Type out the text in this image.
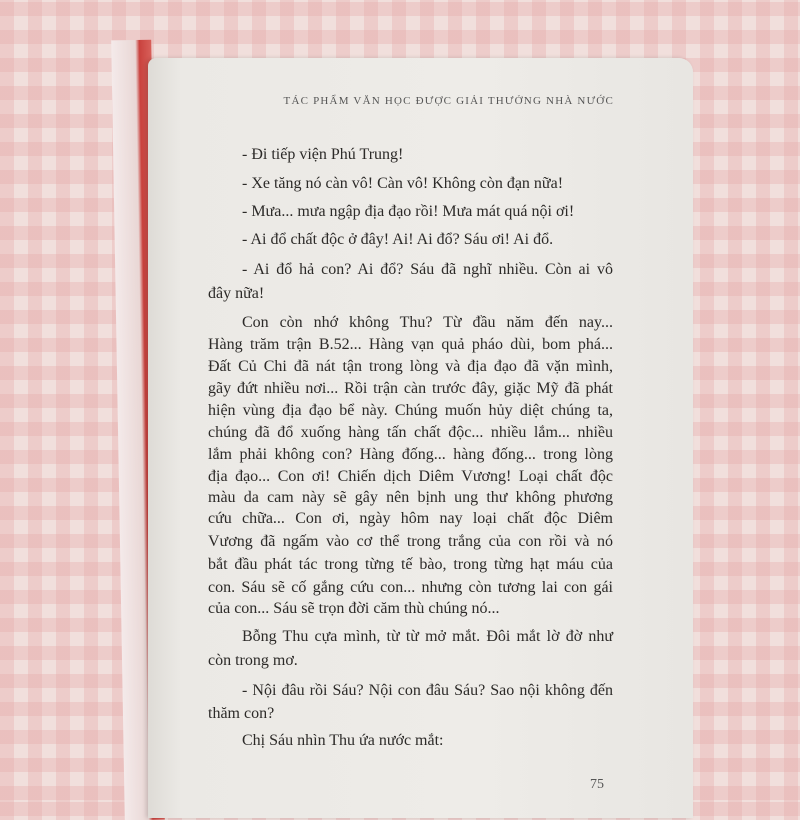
TÁC PHẨM VĂN HỌC ĐƯỢC GIẢI THƯỞNG NHÀ NƯỚC
- Đi tiếp viện Phú Trung!
- Xe tăng nó càn vô! Càn vô! Không còn đạn nữa!
- Mưa... mưa ngập địa đạo rồi! Mưa mát quá nội ơi!
- Ai đổ chất độc ở đây! Ai! Ai đổ? Sáu ơi! Ai đổ.
- Ai đổ hả con? Ai đổ? Sáu đã nghĩ nhiều. Còn ai vô
đây nữa!
Con còn nhớ không Thu? Từ đầu năm đến nay...
Hàng trăm trận B.52... Hàng vạn quả pháo dùi, bom phá...
Đất Củ Chi đã nát tận trong lòng và địa đạo đã vặn mình,
gãy đứt nhiều nơi... Rồi trận càn trước đây, giặc Mỹ đã phát
hiện vùng địa đạo bể này. Chúng muốn hủy diệt chúng ta,
chúng đã đổ xuống hàng tấn chất độc... nhiều lắm... nhiều
lắm phải không con? Hàng đống... hàng đống... trong lòng
địa đạo... Con ơi! Chiến dịch Diêm Vương! Loại chất độc
màu da cam này sẽ gây nên bịnh ung thư không phương
cứu chữa... Con ơi, ngày hôm nay loại chất độc Diêm
Vương đã ngấm vào cơ thể trong trắng của con rồi và nó
bắt đầu phát tác trong từng tế bào, trong từng hạt máu của
con. Sáu sẽ cố gắng cứu con... nhưng còn tương lai con gái
của con... Sáu sẽ trọn đời căm thù chúng nó...
Bỗng Thu cựa mình, từ từ mở mắt. Đôi mắt lờ đờ như
còn trong mơ.
- Nội đâu rồi Sáu? Nội con đâu Sáu? Sao nội không đến
thăm con?
Chị Sáu nhìn Thu ứa nước mắt:
75
